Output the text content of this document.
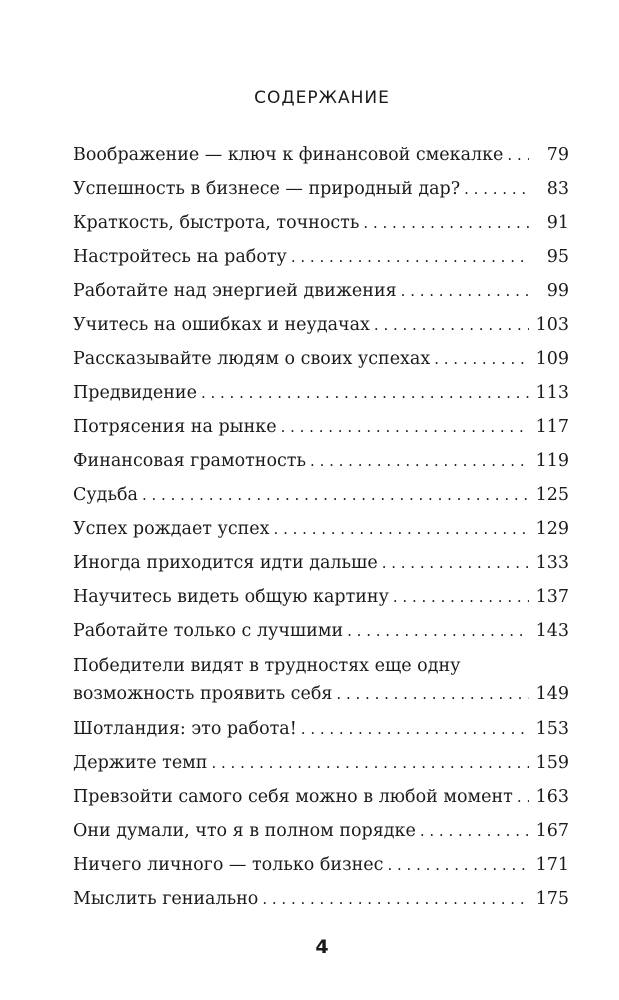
СОДЕРЖАНИЕ
Воображение — ключ к финансовой смекалке . . .	79
Успешность в бизнесе — природный дар? . . .	83
Краткость, быстрота, точность . . .	91
Настройтесь на работу . . .	95
Работайте над энергией движения . . .	99
Учитесь на ошибках и неудачах . . .	103
Рассказывайте людям о своих успехах . . .	109
Предвидение . . .	113
Потрясения на рынке . . .	117
Финансовая грамотность . . .	119
Судьба . . .	125
Успех рождает успех . . .	129
Иногда приходится идти дальше . . .	133
Научитесь видеть общую картину . . .	137
Работайте только с лучшими . . .	143
Победители видят в трудностях еще одну
возможность проявить себя . . .	149
Шотландия: это работа! . . .	153
Держите темп . . .	159
Превзойти самого себя можно в любой момент . . .	163
Они думали, что я в полном порядке . . .	167
Ничего личного — только бизнес . . .	171
Мыслить гениально . . .	175
4
